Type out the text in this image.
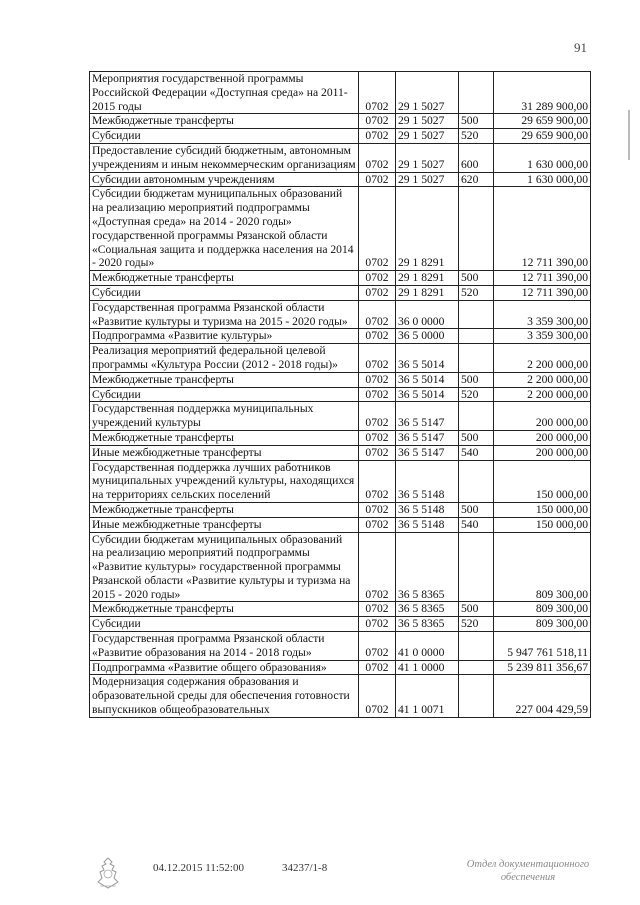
91
Мероприятия государственной программы Российской Федерации «Доступная среда» на 2011-2015 годы	0702	29 1 5027		31 289 900,00
Межбюджетные трансферты	0702	29 1 5027	500	29 659 900,00
Субсидии	0702	29 1 5027	520	29 659 900,00
Предоставление субсидий бюджетным, автономным учреждениям и иным некоммерческим организациям	0702	29 1 5027	600	1 630 000,00
Субсидии автономным учреждениям	0702	29 1 5027	620	1 630 000,00
Субсидии бюджетам муниципальных образований на реализацию мероприятий подпрограммы «Доступная среда» на 2014 - 2020 годы» государственной программы Рязанской области «Социальная защита и поддержка населения на 2014 - 2020 годы»	0702	29 1 8291		12 711 390,00
Межбюджетные трансферты	0702	29 1 8291	500	12 711 390,00
Субсидии	0702	29 1 8291	520	12 711 390,00
Государственная программа Рязанской области «Развитие культуры и туризма на 2015 - 2020 годы»	0702	36 0 0000		3 359 300,00
Подпрограмма «Развитие культуры»	0702	36 5 0000		3 359 300,00
Реализация мероприятий федеральной целевой программы «Культура России (2012 - 2018 годы)»	0702	36 5 5014		2 200 000,00
Межбюджетные трансферты	0702	36 5 5014	500	2 200 000,00
Субсидии	0702	36 5 5014	520	2 200 000,00
Государственная поддержка муниципальных учреждений культуры	0702	36 5 5147		200 000,00
Межбюджетные трансферты	0702	36 5 5147	500	200 000,00
Иные межбюджетные трансферты	0702	36 5 5147	540	200 000,00
Государственная поддержка лучших работников муниципальных учреждений культуры, находящихся на территориях сельских поселений	0702	36 5 5148		150 000,00
Межбюджетные трансферты	0702	36 5 5148	500	150 000,00
Иные межбюджетные трансферты	0702	36 5 5148	540	150 000,00
Субсидии бюджетам муниципальных образований на реализацию мероприятий подпрограммы «Развитие культуры» государственной программы Рязанской области «Развитие культуры и туризма на 2015 - 2020 годы»	0702	36 5 8365		809 300,00
Межбюджетные трансферты	0702	36 5 8365	500	809 300,00
Субсидии	0702	36 5 8365	520	809 300,00
Государственная программа Рязанской области «Развитие образования на 2014 - 2018 годы»	0702	41 0 0000		5 947 761 518,11
Подпрограмма «Развитие общего образования»	0702	41 1 0000		5 239 811 356,67
Модернизация содержания образования и образовательной среды для обеспечения готовности выпускников общеобразовательных	0702	41 1 0071		227 004 429,59
04.12.2015 11:52:00	34237/1-8	Отдел документационного
обеспечения
